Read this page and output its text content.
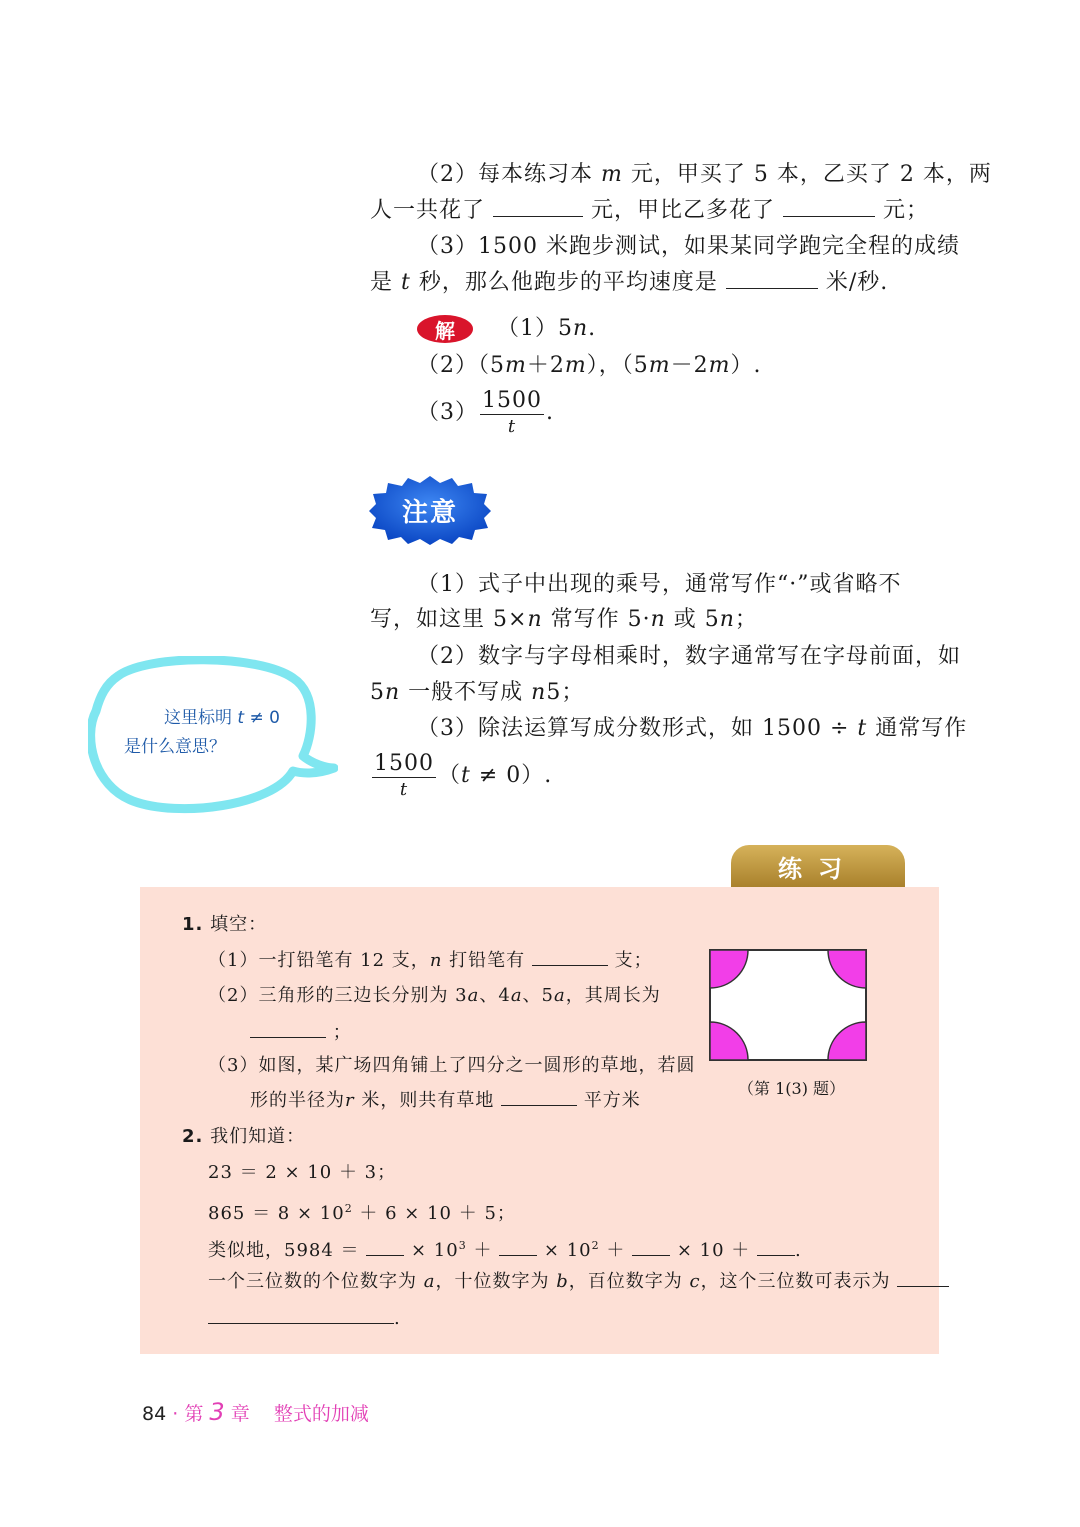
（2）每本练习本 m 元，甲买了 5 本，乙买了 2 本，两
人一共花了	元，甲比乙多花了	元；
（3）1500 米跑步测试，如果某同学跑完全程的成绩
是 t 秒，那么他跑步的平均速度是	米/秒.
解	（1）5n.
（2）（5m＋2m），（5m－2m）.
$(3) \frac{1500}{t}$ .
注意
（1）式子中出现的乘号，通常写作“·”或省略不
写，如这里 5×n 常写作 5·n 或 5n；
（2）数字与字母相乘时，数字通常写在字母前面，如
5n 一般不写成 n5；
（3）除法运算写成分数形式，如 1500 ÷ t 通常写作
$\frac{1500}{t} (t \ne 0)$.
这里标明 t ≠ 0
是什么意思？
练习
1. 填空：
（1）一打铅笔有 12 支，n 打铅笔有	支；
（2）三角形的三边长分别为 3a、4a、5a，其周长为
；
（3）如图，某广场四角铺上了四分之一圆形的草地，若圆
形的半径为r 米，则共有草地	平方米
（第 1(3) 题）
2. 我们知道：
23 ＝ 2 × 10 ＋ 3；
$865 = 8 \times 10^2 + 6 \times 10 + 5$；
类似地，5984 ＝	× $10^3$ ＋	× $10^2$ ＋	× 10 ＋ .
一个三位数的个位数字为 a，十位数字为 b，百位数字为 c，这个三位数可表示为
.
84 · 第 3 章 整式的加减
